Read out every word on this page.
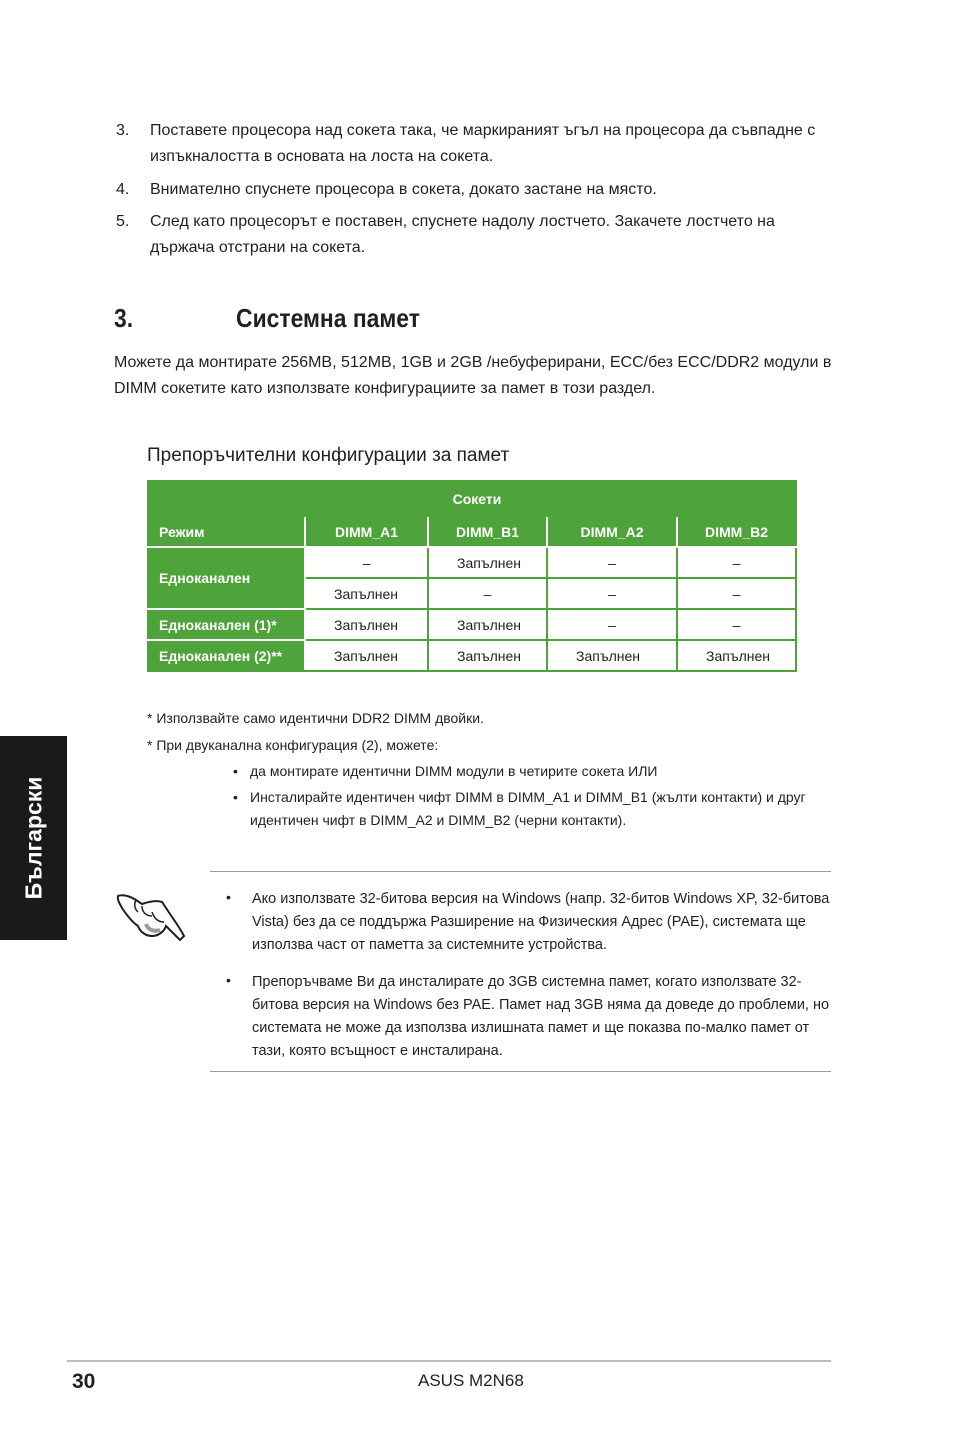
3. Поставете процесора над сокета така, че маркираният ъгъл на процесора да съвпадне с изпъкналостта в основата на лоста на сокета.
4. Внимателно спуснете процесора в сокета, докато застане на място.
5. След като процесорът е поставен, спуснете надолу лостчето. Закачете лостчето на държача отстрани на сокета.
3.	Системна памет
Можете да монтирате 256MB, 512MB, 1GB и 2GB /небуферирани, ECC/без ECC/DDR2 модули в DIMM сокетите като използвате конфигурациите за памет в този раздел.
Препоръчителни конфигурации за памет
Сокети				
Режим	DIMM_A1	DIMM_B1	DIMM_A2	DIMM_B2
Едноканален	–	Запълнен	–	–
	Запълнен	–	–	–
Едноканален (1)*	Запълнен	Запълнен	–	–
Едноканален (2)**	Запълнен	Запълнен	Запълнен	Запълнен
* Използвайте само идентични DDR2 DIMM двойки.
* При двуканална конфигурация (2), можете:
• да монтирате идентични DIMM модули в четирите сокета ИЛИ
• Инсталирайте идентичен чифт DIMM в DIMM_A1 и DIMM_B1 (жълти контакти) и друг идентичен чифт в DIMM_A2 и DIMM_B2 (черни контакти).
• Ако използвате 32-битова версия на Windows (напр. 32-битов Windows XP, 32-битова Vista) без да се поддържа Разширение на Физическия Адрес (PAE), системата ще използва част от паметта за системните устройства.
• Препоръчваме Ви да инсталирате до 3GB системна памет, когато използвате 32-битова версия на Windows без PAE. Памет над 3GB няма да доведе до проблеми, но системата не може да използва излишната памет и ще показва по-малко памет от тази, която всъщност е инсталирана.
Български
30	ASUS M2N68
